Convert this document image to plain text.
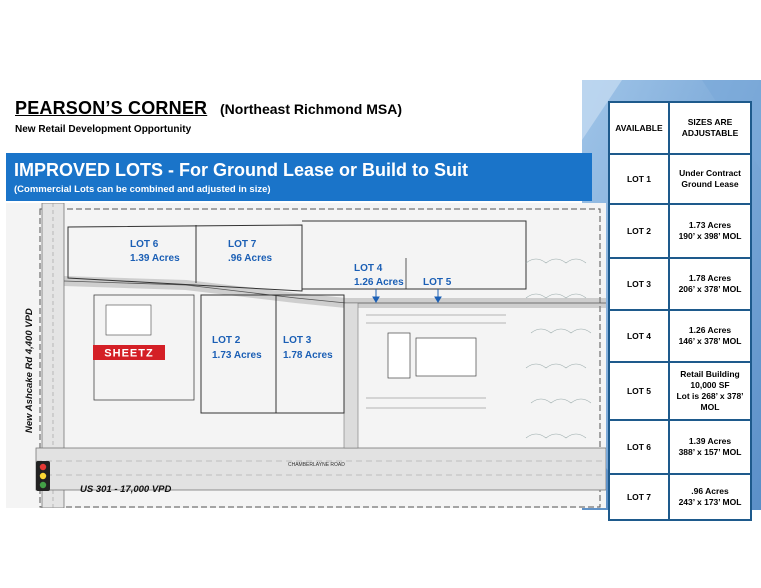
PEARSON’S CORNER (Northeast Richmond MSA)
New Retail Development Opportunity
IMPROVED LOTS - For Ground Lease or Build to Suit
(Commercial Lots can be combined and adjusted in size)
New Ashcake Rd 4,400 VPD
US 301 - 17,000 VPD
CHAMBERLAYNE ROAD
SHEETZ
LOT 6
1.39 Acres
LOT 7
.96 Acres
LOT 4
1.26 Acres LOT 5
LOT 2
1.73 Acres
LOT 3
1.78 Acres
AVAILABLE	SIZES ARE
ADJUSTABLE
LOT 1	Under Contract
Ground Lease
LOT 2	1.73 Acres
190’ x 398’ MOL
LOT 3	1.78 Acres
206’ x 378’ MOL
LOT 4	1.26 Acres
146’ x 378’ MOL
LOT 5	Retail Building
10,000 SF
Lot is 268’ x 378’ MOL
LOT 6	1.39 Acres
388’ x 157’ MOL
LOT 7	.96 Acres
243’ x 173’ MOL
